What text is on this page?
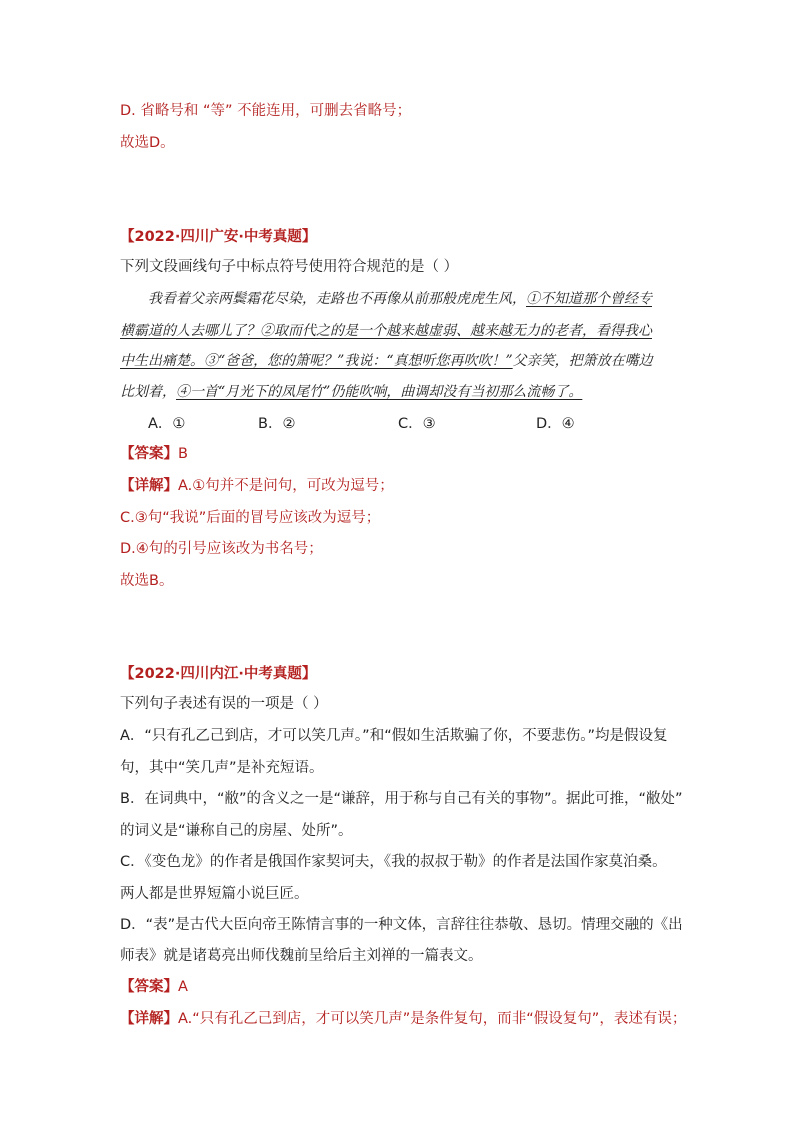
D. 省略号和 “等” 不能连用，可删去省略号；
故选D。
【2022·四川广安·中考真题】
下列文段画线句子中标点符号使用符合规范的是（ ）
我看着父亲两鬓霜花尽染，走路也不再像从前那般虎虎生风，①不知道那个曾经专
横霸道的人去哪儿了？②取而代之的是一个越来越虚弱、越来越无力的老者，看得我心
中生出痛楚。③“爸爸，您的箫呢？”我说：“真想听您再吹吹！”父亲笑，把箫放在嘴边
比划着，④一首“月光下的凤尾竹”仍能吹响，曲调却没有当初那么流畅了。
A．①	B．②	C．③	D．④
【答案】B
【详解】A.①句并不是问句，可改为逗号；
C.③句“我说”后面的冒号应该改为逗号；
D.④句的引号应该改为书名号；
故选B。
【2022·四川内江·中考真题】
下列句子表述有误的一项是（ ）
A．“只有孔乙己到店，才可以笑几声。”和“假如生活欺骗了你，不要悲伤。”均是假设复
句，其中“笑几声”是补充短语。
B．在词典中，“敝”的含义之一是“谦辞，用于称与自己有关的事物”。据此可推，“敝处”
的词义是“谦称自己的房屋、处所”。
C．《变色龙》的作者是俄国作家契诃夫，《我的叔叔于勒》的作者是法国作家莫泊桑。
两人都是世界短篇小说巨匠。
D．“表”是古代大臣向帝王陈情言事的一种文体，言辞往往恭敬、恳切。情理交融的《出
师表》就是诸葛亮出师伐魏前呈给后主刘禅的一篇表文。
【答案】A
【详解】A.“只有孔乙己到店，才可以笑几声”是条件复句，而非“假设复句”，表述有误；
